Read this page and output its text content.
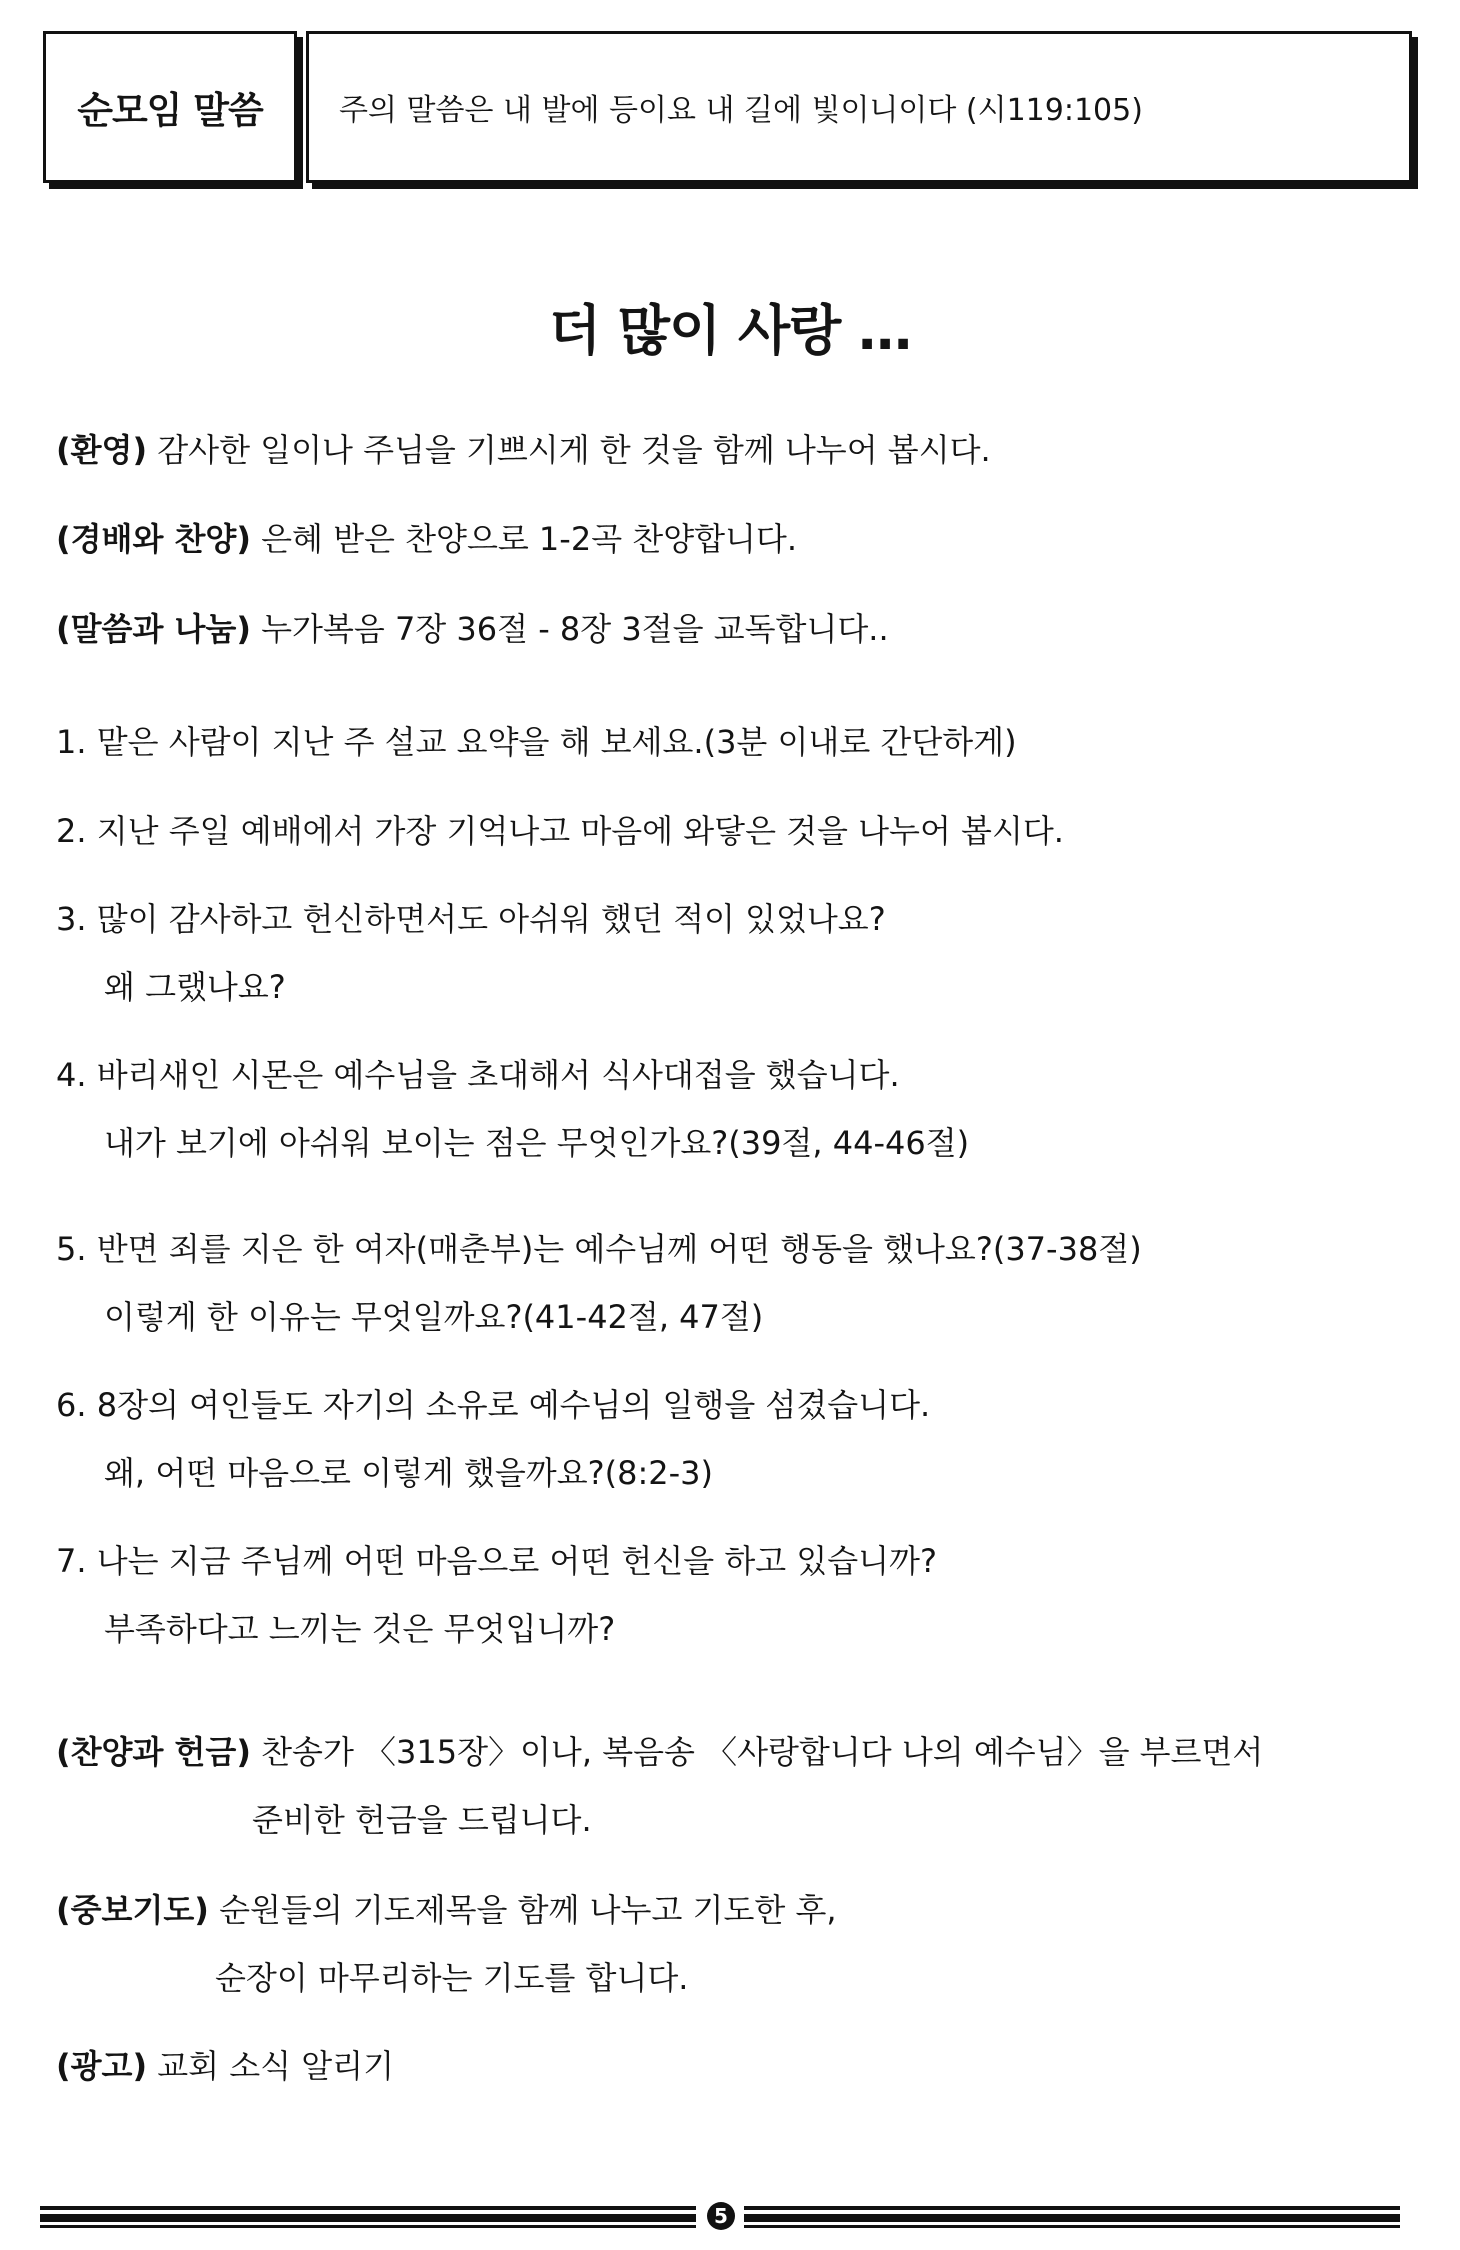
순모임 말씀	주의 말씀은 내 발에 등이요 내 길에 빛이니이다 (시119:105)
더 많이 사랑 …
(환영) 감사한 일이나 주님을 기쁘시게 한 것을 함께 나누어 봅시다.
(경배와 찬양) 은혜 받은 찬양으로 1-2곡 찬양합니다.
(말씀과 나눔) 누가복음 7장 36절 - 8장 3절을 교독합니다..
1. 맡은 사람이 지난 주 설교 요약을 해 보세요.(3분 이내로 간단하게)
2. 지난 주일 예배에서 가장 기억나고 마음에 와닿은 것을 나누어 봅시다.
3. 많이 감사하고 헌신하면서도 아쉬워 했던 적이 있었나요?
왜 그랬나요?
4. 바리새인 시몬은 예수님을 초대해서 식사대접을 했습니다.
내가 보기에 아쉬워 보이는 점은 무엇인가요?(39절, 44-46절)
5. 반면 죄를 지은 한 여자(매춘부)는 예수님께 어떤 행동을 했나요?(37-38절)
이렇게 한 이유는 무엇일까요?(41-42절, 47절)
6. 8장의 여인들도 자기의 소유로 예수님의 일행을 섬겼습니다.
왜, 어떤 마음으로 이렇게 했을까요?(8:2-3)
7. 나는 지금 주님께 어떤 마음으로 어떤 헌신을 하고 있습니까?
부족하다고 느끼는 것은 무엇입니까?
(찬양과 헌금) 찬송가 〈315장〉이나, 복음송 〈사랑합니다 나의 예수님〉을 부르면서
준비한 헌금을 드립니다.
(중보기도) 순원들의 기도제목을 함께 나누고 기도한 후,
순장이 마무리하는 기도를 합니다.
(광고) 교회 소식 알리기
5
